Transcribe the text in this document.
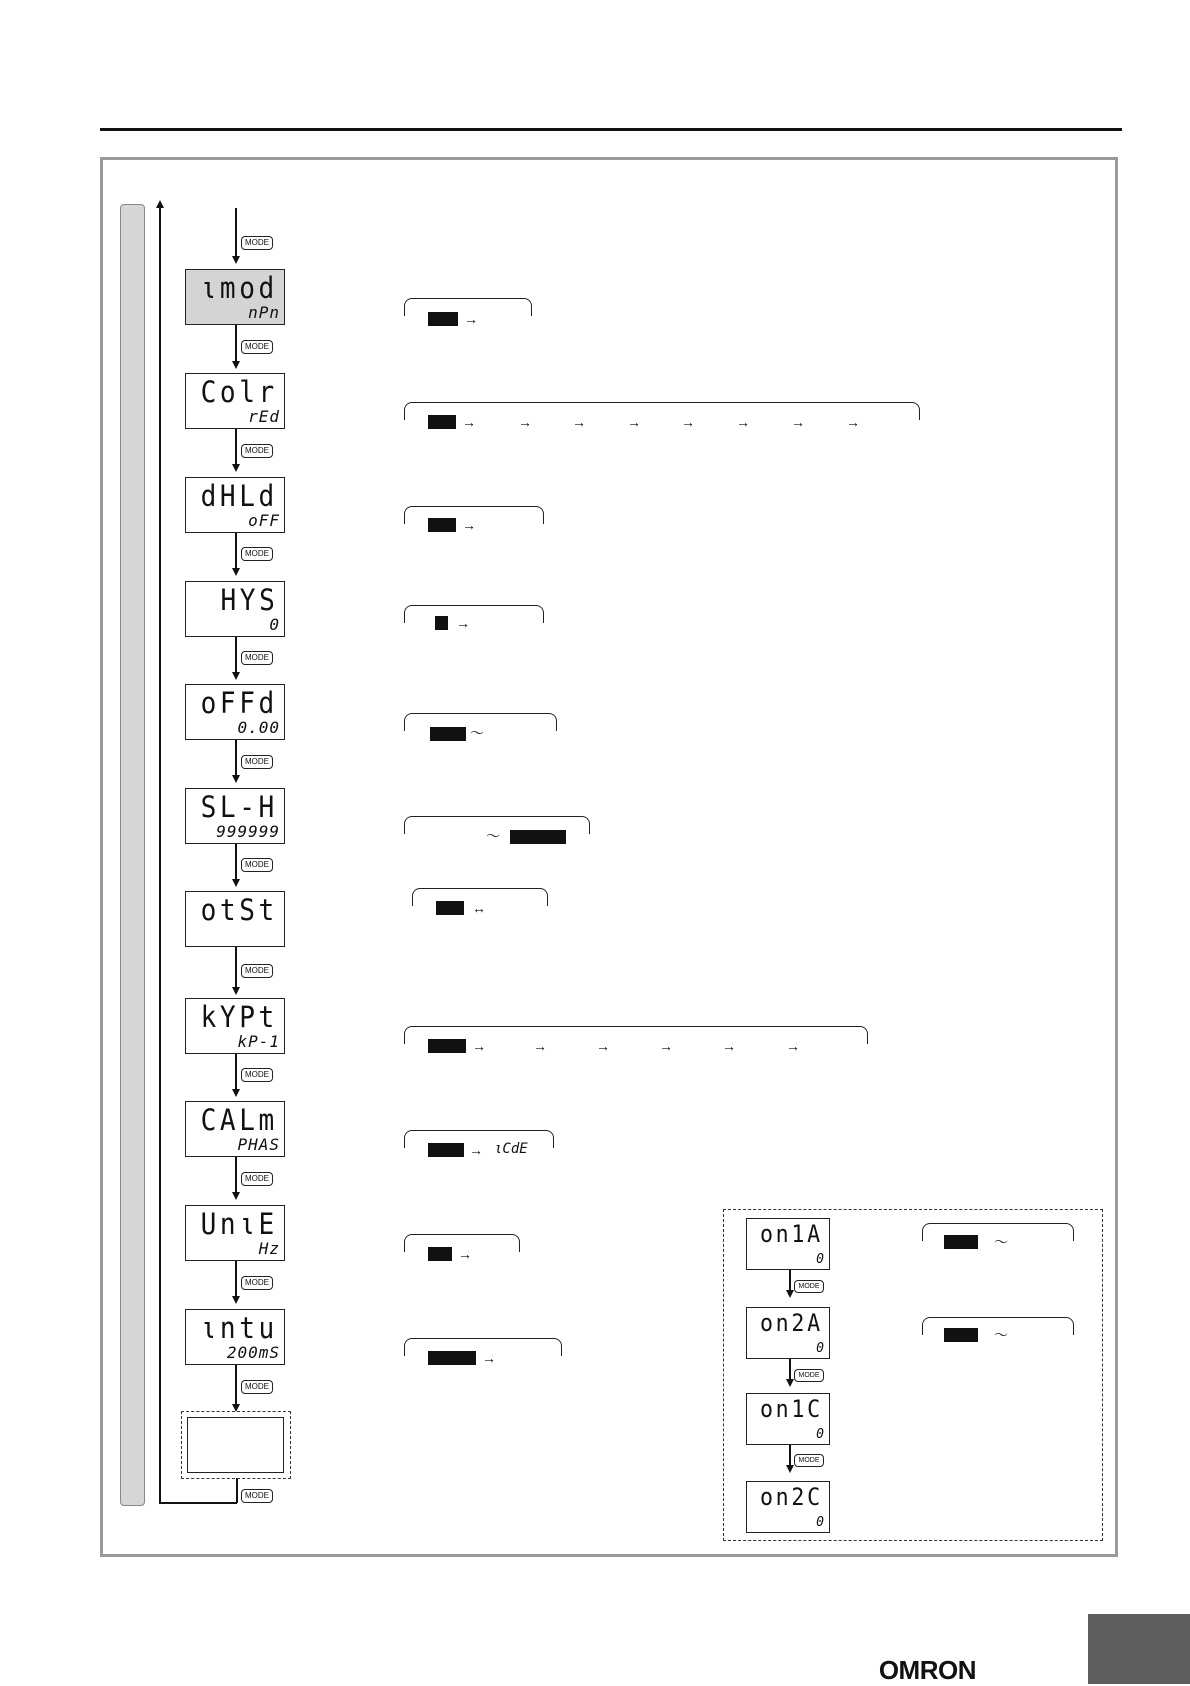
MODE
ιmod
nPn
MODE
Colr
rEd
MODE
dHLd
oFF
MODE
HYS
0
MODE
oFFd
0.00
MODE
SL-H
999999
MODE
otSt
MODE
kYPt
kP-1
MODE
CALm
PHAS
MODE
UnιE
Hz
MODE
ιntu
200mS
MODE
MODE
→
→	→	→	→	→	→	→	→
→
→
～
～
↔
→	→	→	→	→	→
→ ιCdE
→
→
on1A
0
MODE
on2A
0
MODE
on1C
0
MODE
on2C
0
～
～
OMRON
